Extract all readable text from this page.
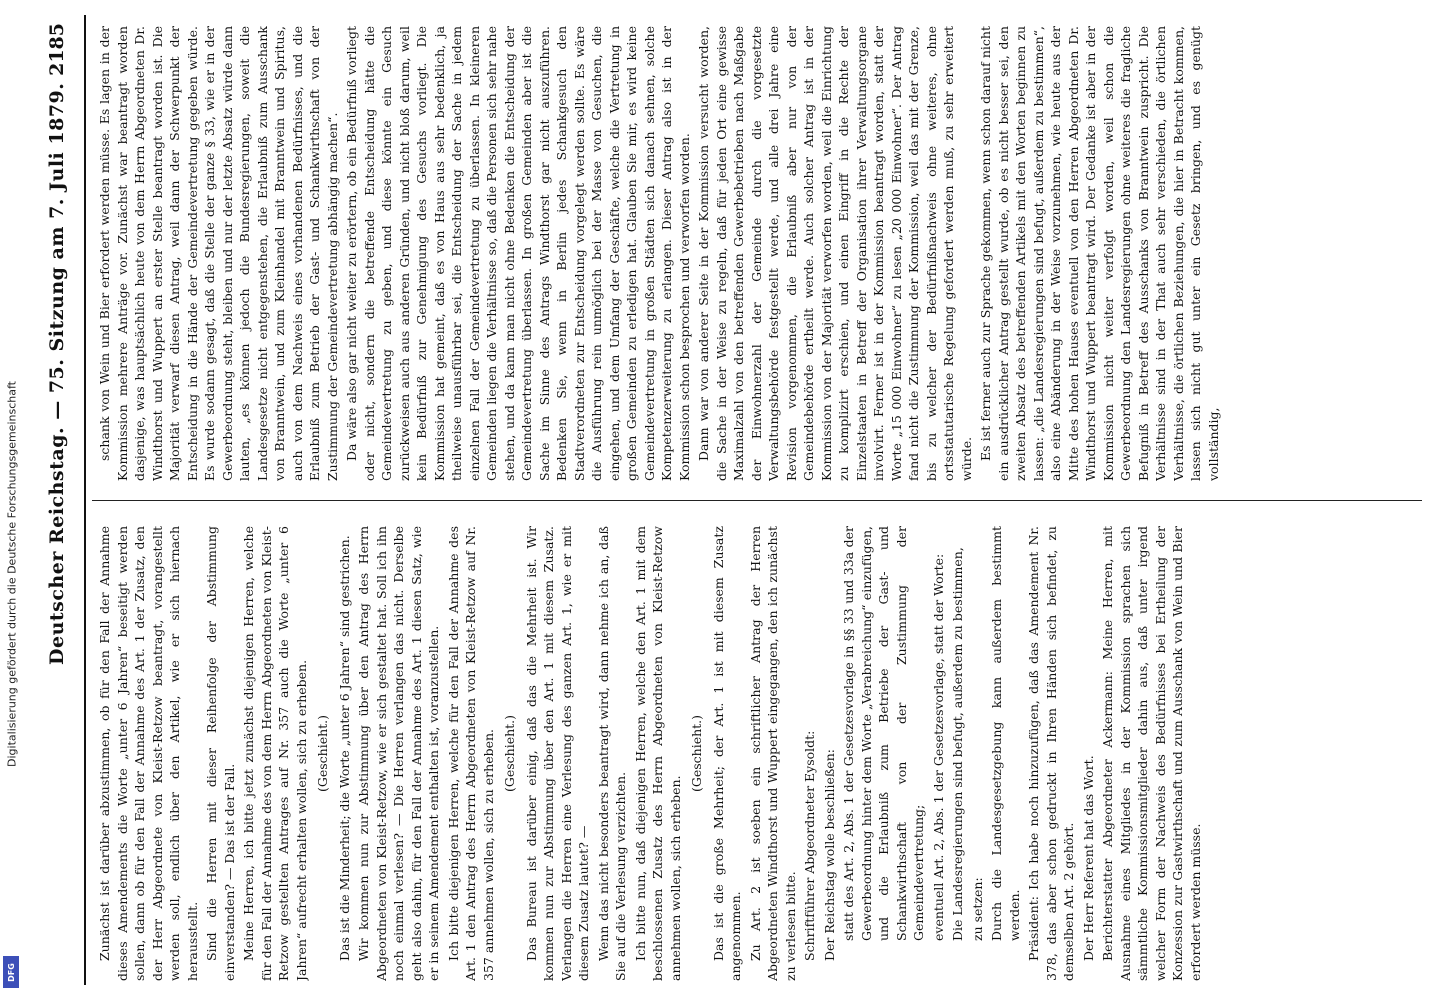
Digitalisierung gefördert durch die Deutsche Forschungsgemeinschaft
DFG
Deutscher Reichstag. — 75. Sitzung am 7. Juli 1879.
2185

Zunächst ist darüber abzustimmen, ob für den Fall der Annahme dieses Amendements die Worte „unter 6 Jahren“ beseitigt werden sollen, dann ob für den Fall der Annahme des Art. 1 der Zusatz, den der Herr Abgeordnete von Kleist-Retzow beantragt, vorangestellt werden soll, endlich über den Artikel, wie er sich hiernach herausstellt. Sind die Herren mit dieser Reihenfolge der Abstimmung einverstanden? — Das ist der Fall. Meine Herren, ich bitte jetzt zunächst diejenigen Herren, welche für den Fall der Annahme des von dem Herrn Abgeordneten von Kleist-Retzow gestellten Antrages auf Nr. 357 auch die Worte „unter 6 Jahren“ aufrecht erhalten wollen, sich zu erheben. (Geschieht.) Das ist die Minderheit; die Worte „unter 6 Jahren“ sind gestrichen. Wir kommen nun zur Abstimmung über den Antrag des Herrn Abgeordneten von Kleist-Retzow, wie er sich gestaltet hat. Soll ich ihn noch einmal verlesen? — Die Herren verlangen das nicht. Derselbe geht also dahin, für den Fall der Annahme des Art. 1 diesen Satz, wie er in seinem Amendement enthalten ist, voranzustellen. Ich bitte diejenigen Herren, welche für den Fall der Annahme des Art. 1 den Antrag des Herrn Abgeordneten von Kleist-Retzow auf Nr. 357 annehmen wollen, sich zu erheben. (Geschieht.) Das Bureau ist darüber einig, daß das die Mehrheit ist. Wir kommen nun zur Abstimmung über den Art. 1 mit diesem Zusatz. Verlangen die Herren eine Verlesung des ganzen Art. 1, wie er mit diesem Zusatz lautet? — Wenn das nicht besonders beantragt wird, dann nehme ich an, daß Sie auf die Verlesung verzichten. Ich bitte nun, daß diejenigen Herren, welche den Art. 1 mit dem beschlossenen Zusatz des Herrn Abgeordneten von Kleist-Retzow annehmen wollen, sich erheben.

(Geschieht.) Das ist die große Mehrheit; der Art. 1 ist mit diesem Zusatz angenommen. Zu Art. 2 ist soeben ein schriftlicher Antrag der Herren Abgeordneten Windthorst und Wuppert eingegangen, den ich zunächst zu verlesen bitte. Schriftführer Abgeordneter Eysoldt: Der Reichstag wolle beschließen: statt des Art. 2, Abs. 1 der Gesetzesvorlage in §§ 33 und 33a der Gewerbeordnung hinter dem Worte „Verabreichung“ einzufügen, und die Erlaubniß zum Betriebe der Gast- und Schankwirthschaft von der Zustimmung der Gemeindevertretung; eventuell Art. 2, Abs. 1 der Gesetzesvorlage, statt der Worte: Die Landesregierungen sind befugt, außerdem zu bestimmen, zu setzen: Durch die Landesgesetzgebung kann außerdem bestimmt werden. Präsident: Ich habe noch hinzuzufügen, daß das Amendement Nr. 378, das aber schon gedruckt in Ihren Händen sich befindet, zu demselben Art. 2 gehört. Der Herr Referent hat das Wort. Berichterstatter Abgeordneter Ackermann: Meine Herren, mit Ausnahme eines Mitgliedes in der Kommission sprachen sich sämmtliche Kommissionsmitglieder dahin aus, daß unter irgend welcher Form der Nachweis des Bedürfnisses bei Ertheilung der Konzession zur Gastwirthschaft und zum Ausschank von Wein und Bier erfordert werden müsse.

schank von Wein und Bier erfordert werden müsse. Es lagen in der Kommission mehrere Anträge vor. Zunächst war beantragt worden dasjenige, was hauptsächlich heute von dem Herrn Abgeordneten Dr. Windthorst und Wuppert an erster Stelle beantragt worden ist. Die Majorität verwarf diesen Antrag, weil dann der Schwerpunkt der Entscheidung in die Hände der Gemeindevertretung gegeben würde. Es wurde sodann gesagt, daß die Stelle der ganze § 33, wie er in der Gewerbeordnung steht, bleiben und nur der letzte Absatz würde dann lauten, „es können jedoch die Bundesregierungen, soweit die Landesgesetze nicht entgegenstehen, die Erlaubniß zum Ausschank von Branntwein, und zum Kleinhandel mit Branntwein und Spiritus, auch von dem Nachweis eines vorhandenen Bedürfnisses, und die Erlaubniß zum Betrieb der Gast- und Schankwirthschaft von der Zustimmung der Gemeindevertretung abhängig machen“. Da wäre also gar nicht weiter zu erörtern, ob ein Bedürfniß vorliegt oder nicht, sondern die betreffende Entscheidung hätte die Gemeindevertretung zu geben, und diese könnte ein Gesuch zurückweisen auch aus anderen Gründen, und nicht bloß darum, weil kein Bedürfniß zur Genehmigung des Gesuchs vorliegt. Die Kommission hat gemeint, daß es von Haus aus sehr bedenklich, ja theilweise unausführbar sei, die Entscheidung der Sache in jedem einzelnen Fall der Gemeindevertretung zu überlassen. In kleineren Gemeinden liegen die Verhältnisse so, daß die Personen sich sehr nahe stehen, und da kann man nicht ohne Bedenken die Entscheidung der Gemeindevertretung überlassen. In großen Gemeinden aber ist die Sache im Sinne des Antrags Windthorst gar nicht auszuführen. Bedenken Sie, wenn in Berlin jedes Schankgesuch den Stadtverordneten zur Entscheidung vorgelegt werden sollte. Es wäre die Ausführung rein unmöglich bei der Masse von Gesuchen, die eingehen, und dem Umfang der Geschäfte, welche die Vertretung in großen Gemeinden zu erledigen hat. Glauben Sie mir, es wird keine Gemeindevertretung in großen Städten sich danach sehnen, solche Kompetenzerweiterung zu erlangen. Dieser Antrag also ist in der Kommission schon besprochen und verworfen worden. Dann war von anderer Seite in der Kommission versucht worden, die Sache in der Weise zu regeln, daß für jeden Ort eine gewisse Maximalzahl von den betreffenden Gewerbebetrieben nach Maßgabe der Einwohnerzahl der Gemeinde durch die vorgesetzte Verwaltungsbehörde festgestellt werde, und alle drei Jahre eine Revision vorgenommen, die Erlaubniß aber nur von der Gemeindebehörde ertheilt werde. Auch solcher Antrag ist in der Kommission von der Majorität verworfen worden, weil die Einrichtung zu komplizirt erschien, und einen Eingriff in die Rechte der Einzelstaaten in Betreff der Organisation ihrer Verwaltungsorgane involvirt. Ferner ist in der Kommission beantragt worden, statt der Worte „15 000 Einwohner“ zu lesen „20 000 Einwohner“. Der Antrag fand nicht die Zustimmung der Kommission, weil das mit der Grenze, bis zu welcher der Bedürfnißnachweis ohne weiteres, ohne ortsstatutarische Regelung gefordert werden muß, zu sehr erweitert würde. Es ist ferner auch zur Sprache gekommen, wenn schon darauf nicht ein ausdrücklicher Antrag gestellt wurde, ob es nicht besser sei, den zweiten Absatz des betreffenden Artikels mit den Worten beginnen zu lassen: „die Landesregierungen sind befugt, außerdem zu bestimmen“, also eine Abänderung in der Weise vorzunehmen, wie heute aus der Mitte des hohen Hauses eventuell von den Herren Abgeordneten Dr. Windthorst und Wuppert beantragt wird. Der Gedanke ist aber in der Kommission nicht weiter verfolgt worden, weil schon die Gewerbeordnung den Landesregierungen ohne weiteres die fragliche Befugniß in Betreff des Ausschanks von Branntwein zuspricht. Die Verhältnisse sind in der That auch sehr verschieden, die örtlichen Verhältnisse, die örtlichen Beziehungen, die hier in Betracht kommen, lassen sich nicht gut unter ein Gesetz bringen, und es genügt vollständig,
